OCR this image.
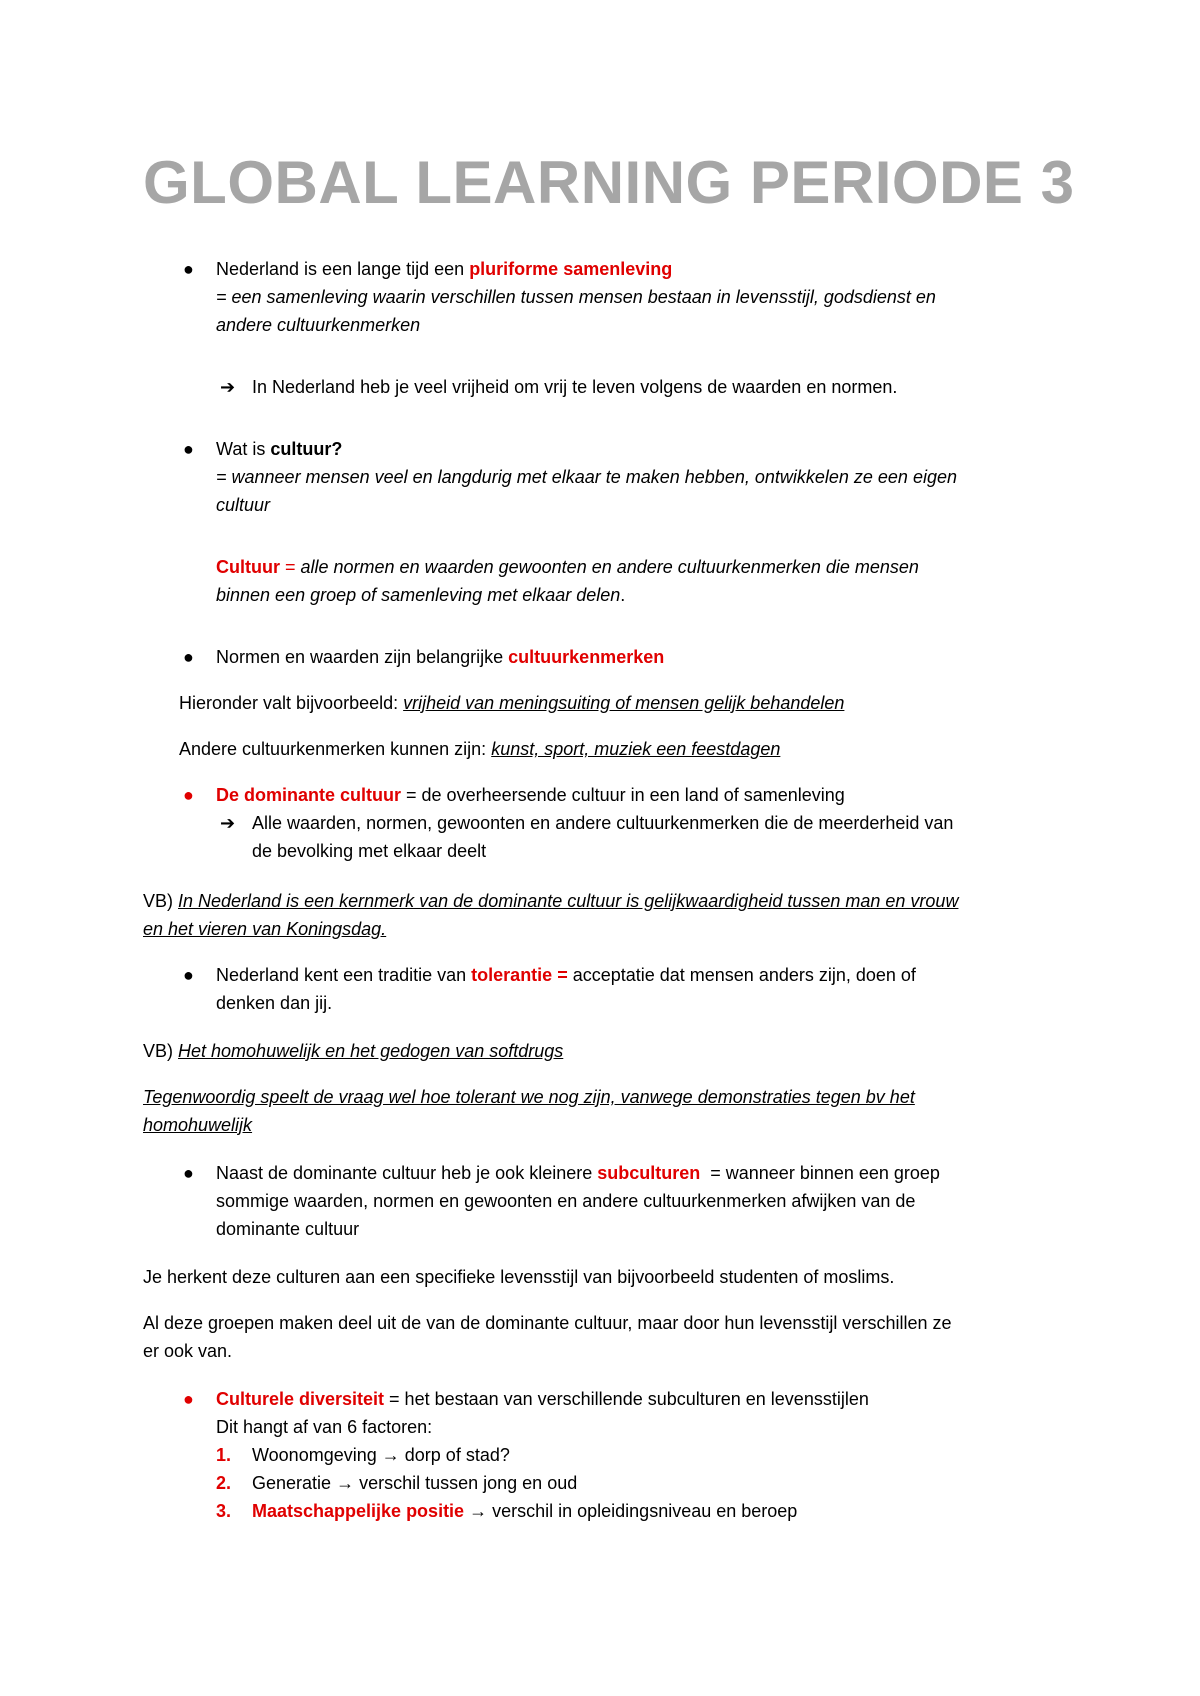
GLOBAL LEARNING PERIODE 3
● Nederland is een lange tijd een pluriforme samenleving
= een samenleving waarin verschillen tussen mensen bestaan in levensstijl, godsdienst en
andere cultuurkenmerken
➔ In Nederland heb je veel vrijheid om vrij te leven volgens de waarden en normen.
● Wat is cultuur?
= wanneer mensen veel en langdurig met elkaar te maken hebben, ontwikkelen ze een eigen
cultuur
Cultuur = alle normen en waarden gewoonten en andere cultuurkenmerken die mensen
binnen een groep of samenleving met elkaar delen.
● Normen en waarden zijn belangrijke cultuurkenmerken
Hieronder valt bijvoorbeeld: vrijheid van meningsuiting of mensen gelijk behandelen
Andere cultuurkenmerken kunnen zijn: kunst, sport, muziek een feestdagen
● De dominante cultuur = de overheersende cultuur in een land of samenleving
➔ Alle waarden, normen, gewoonten en andere cultuurkenmerken die de meerderheid van
de bevolking met elkaar deelt
VB) In Nederland is een kernmerk van de dominante cultuur is gelijkwaardigheid tussen man en vrouw
en het vieren van Koningsdag.
● Nederland kent een traditie van tolerantie = acceptatie dat mensen anders zijn, doen of
denken dan jij.
VB) Het homohuwelijk en het gedogen van softdrugs
Tegenwoordig speelt de vraag wel hoe tolerant we nog zijn, vanwege demonstraties tegen bv het
homohuwelijk
● Naast de dominante cultuur heb je ook kleinere subculturen  = wanneer binnen een groep
sommige waarden, normen en gewoonten en andere cultuurkenmerken afwijken van de
dominante cultuur
Je herkent deze culturen aan een specifieke levensstijl van bijvoorbeeld studenten of moslims.
Al deze groepen maken deel uit de van de dominante cultuur, maar door hun levensstijl verschillen ze
er ook van.
● Culturele diversiteit = het bestaan van verschillende subculturen en levensstijlen
Dit hangt af van 6 factoren:
1. Woonomgeving → dorp of stad?
2. Generatie → verschil tussen jong en oud
3. Maatschappelijke positie → verschil in opleidingsniveau en beroep
